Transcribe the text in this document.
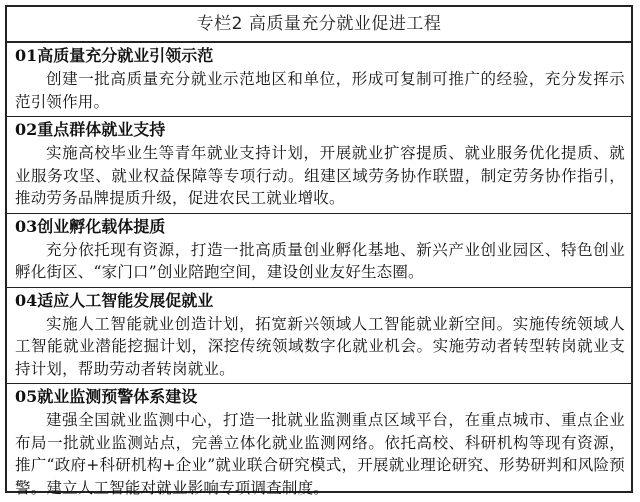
专栏2 高质量充分就业促进工程
01高质量充分就业引领示范
创建一批高质量充分就业示范地区和单位，形成可复制可推广的经验，充分发挥示范引领作用。
02重点群体就业支持
实施高校毕业生等青年就业支持计划，开展就业扩容提质、就业服务优化提质、就业服务攻坚、就业权益保障等专项行动。组建区域劳务协作联盟，制定劳务协作指引，推动劳务品牌提质升级，促进农民工就业增收。
03创业孵化载体提质
充分依托现有资源，打造一批高质量创业孵化基地、新兴产业创业园区、特色创业孵化街区、“家门口”创业陪跑空间，建设创业友好生态圈。
04适应人工智能发展促就业
实施人工智能就业创造计划，拓宽新兴领域人工智能就业新空间。实施传统领域人工智能就业潜能挖掘计划，深挖传统领域数字化就业机会。实施劳动者转型转岗就业支持计划，帮助劳动者转岗就业。
05就业监测预警体系建设
建强全国就业监测中心，打造一批就业监测重点区域平台，在重点城市、重点企业布局一批就业监测站点，完善立体化就业监测网络。依托高校、科研机构等现有资源，推广“政府+科研机构+企业”就业联合研究模式，开展就业理论研究、形势研判和风险预警。建立人工智能对就业影响专项调查制度。
